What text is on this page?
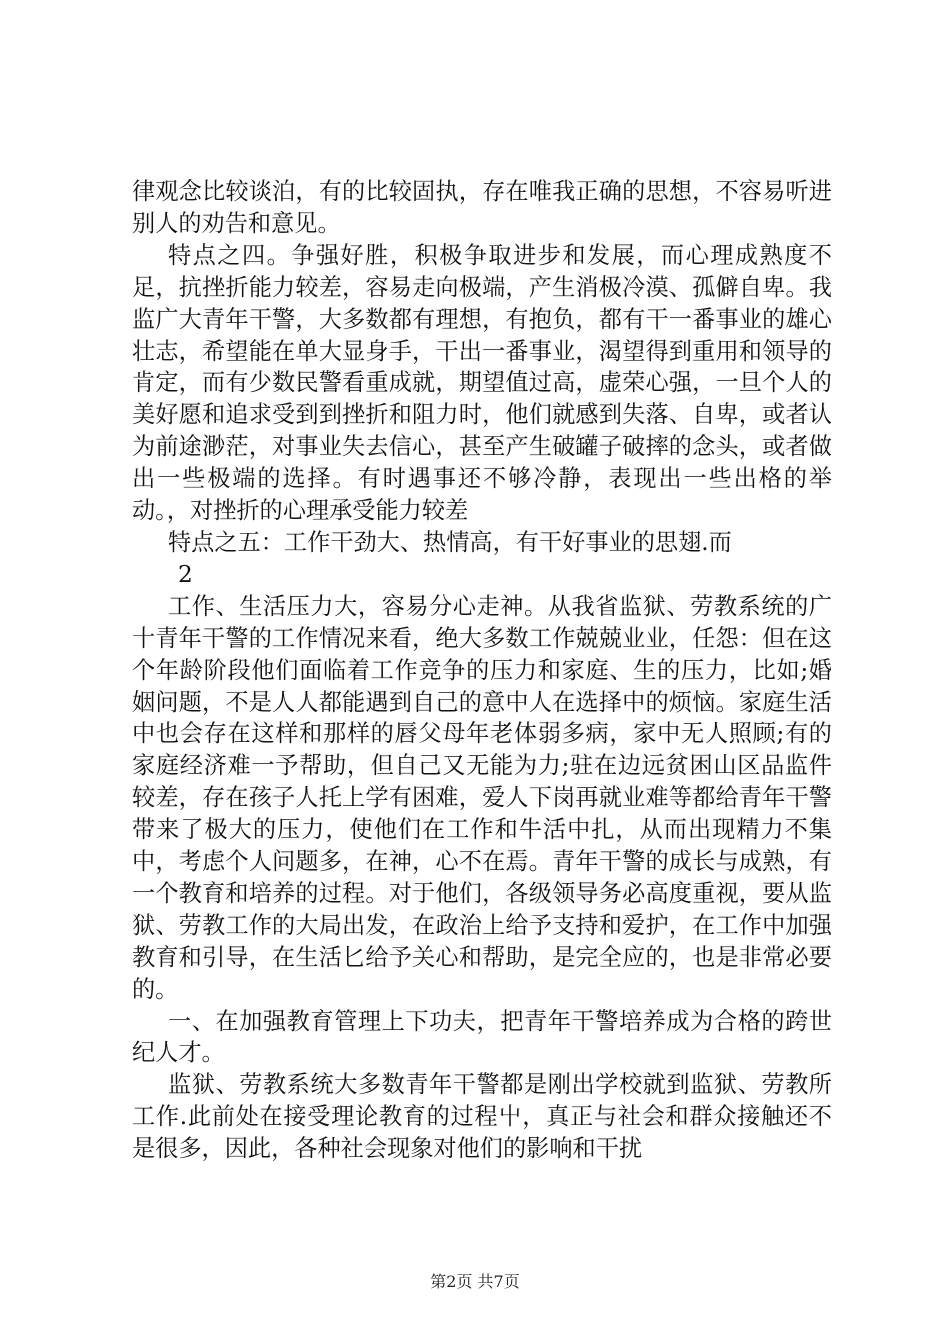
律观念比较谈泊，有的比较固执，存在唯我正确的思想，不容易听进别人的劝告和意见。

特点之四。争强好胜，积极争取进步和发展，而心理成熟度不足，抗挫折能力较差，容易走向极端，产生消极冷漠、孤僻自卑。我监广大青年干警，大多数都有理想，有抱负，都有干一番事业的雄心壮志，希望能在单大显身手，干出一番事业，渴望得到重用和领导的肯定，而有少数民警看重成就，期望值过高，虚荣心强，一旦个人的美好愿和追求受到到挫折和阻力时，他们就感到失落、自卑，或者认为前途渺茫，对事业失去信心，甚至产生破罐子破摔的念头，或者做出一些极端的选择。有时遇事还不够冷静，表现出一些出格的举动。，对挫折的心理承受能力较差

特点之五：工作干劲大、热情高，有干好事业的思翅.而

2

工作、生活压力大，容易分心走神。从我省监狱、劳教系统的广十青年干警的工作情况来看，绝大多数工作兢兢业业，任怨：但在这个年龄阶段他们面临着工作竞争的压力和家庭、生的压力，比如;婚姻问题，不是人人都能遇到自己的意中人在选择中的烦恼。家庭生活中也会存在这样和那样的唇父母年老体弱多病，家中无人照顾;有的家庭经济难一予帮助，但自己又无能为力;驻在边远贫困山区品监件较差，存在孩子人托上学有困难，爱人下岗再就业难等都给青年干警带来了极大的压力，使他们在工作和牛活中扎，从而出现精力不集中，考虑个人问题多，在神，心不在焉。青年干警的成长与成熟，有一个教育和培养的过程。对于他们，各级领导务必高度重视，要从监狱、劳教工作的大局出发，在政治上给予支持和爱护，在工作中加强教育和引导，在生活匕给予关心和帮助，是完全应的，也是非常必要的。

一、在加强教育管理上下功夫，把青年干警培养成为合格的跨世纪人才。

监狱、劳教系统大多数青年干警都是刚出学校就到监狱、劳教所工作.此前处在接受理论教育的过程屮，真正与社会和群众接触还不是很多，因此，各种社会现象对他们的影响和干扰

第2页 共7页
